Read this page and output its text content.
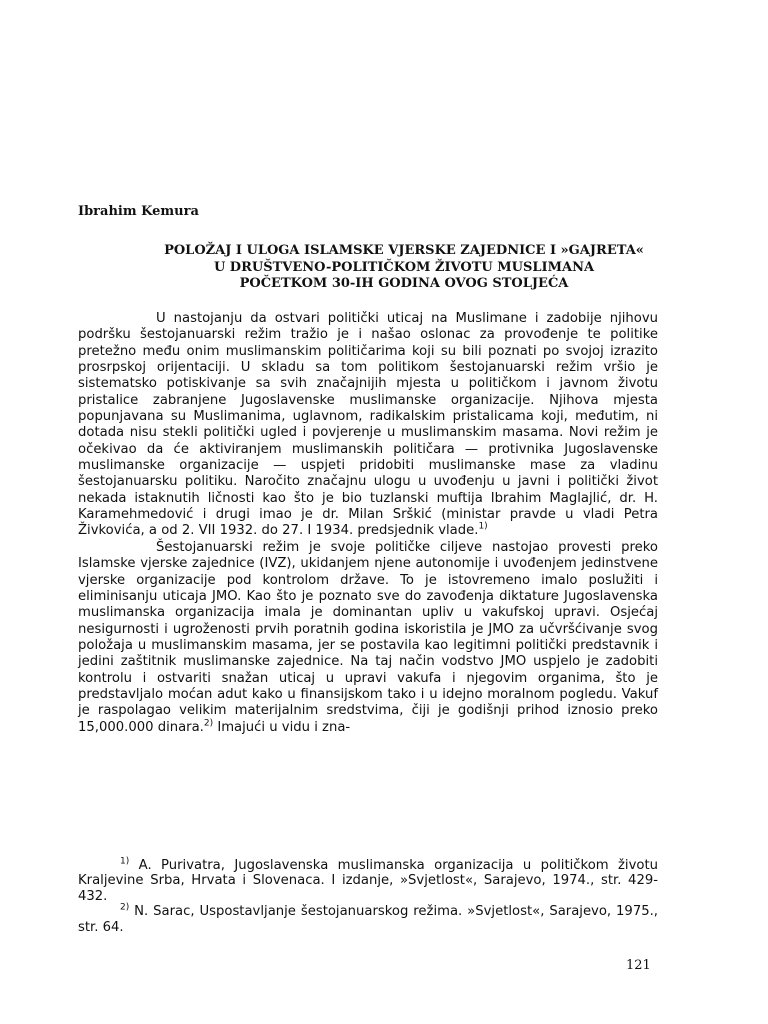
Ibrahim Kemura
POLOŽAJ I ULOGA ISLAMSKE VJERSKE ZAJEDNICE I »GAJRETA«
U DRUŠTVENO-POLITIČKOM ŽIVOTU MUSLIMANA
POČETKOM 30-IH GODINA OVOG STOLJEĆA

U nastojanju da ostvari politički uticaj na Muslimane i zadobije njihovu podršku šestojanuarski režim tražio je i našao oslonac za provođenje te politike pretežno među onim muslimanskim političarima koji su bili poznati po svojoj izrazito prosrpskoj orijentaciji. U skladu sa tom politikom šestojanuarski režim vršio je sistematsko potiskivanje sa svih značajnijih mjesta u političkom i javnom životu pristalice zabranjene Jugoslavenske muslimanske organizacije. Njihova mjesta popunjavana su Muslimanima, uglavnom, radikalskim pristalicama koji, međutim, ni dotada nisu stekli politički ugled i povjerenje u muslimanskim masama. Novi režim je očekivao da će aktiviranjem muslimanskih političara — protivnika Jugoslavenske muslimanske organizacije — uspjeti pridobiti muslimanske mase za vladinu šestojanuarsku politiku. Naročito značajnu ulogu u uvođenju u javni i politički život nekada istaknutih ličnosti kao što je bio tuzlanski muftija Ibrahim Maglajlić, dr. H. Karamehmedović i drugi imao je dr. Milan Srškić (ministar pravde u vladi Petra Živkovića, a od 2. VII 1932. do 27. I 1934. predsjednik vlade.$^{1)}$

Šestojanuarski režim je svoje političke ciljeve nastojao provesti preko Islamske vjerske zajednice (IVZ), ukidanjem njene autonomije i uvođenjem jedinstvene vjerske organizacije pod kontrolom države. To je istovremeno imalo poslužiti i eliminisanju uticaja JMO. Kao što je poznato sve do zavođenja diktature Jugoslavenska muslimanska organizacija imala je dominantan upliv u vakufskoj upravi. Osjećaj nesigurnosti i ugroženosti prvih poratnih godina iskoristila je JMO za učvršćivanje svog položaja u muslimanskim masama, jer se postavila kao legitimni politički predstavnik i jedini zaštitnik muslimanske zajednice. Na taj način vodstvo JMO uspjelo je zadobiti kontrolu i ostvariti snažan uticaj u upravi vakufa i njegovim organima, što je predstavljalo moćan adut kako u finansijskom tako i u idejno moralnom pogledu. Vakuf je raspolagao velikim materijalnim sredstvima, čiji je godišnji prihod iznosio preko 15,000.000 dinara.$^{2)}$ Imajući u vidu i zna-

$^{1)}$ A. Purivatra, Jugoslavenska muslimanska organizacija u političkom životu Kraljevine Srba, Hrvata i Slovenaca. I izdanje, »Svjetlost«, Sarajevo, 1974., str. 429-432.

$^{2)}$ N. Sarac, Uspostavljanje šestojanuarskog režima. »Svjetlost«, Sarajevo, 1975., str. 64.

121
